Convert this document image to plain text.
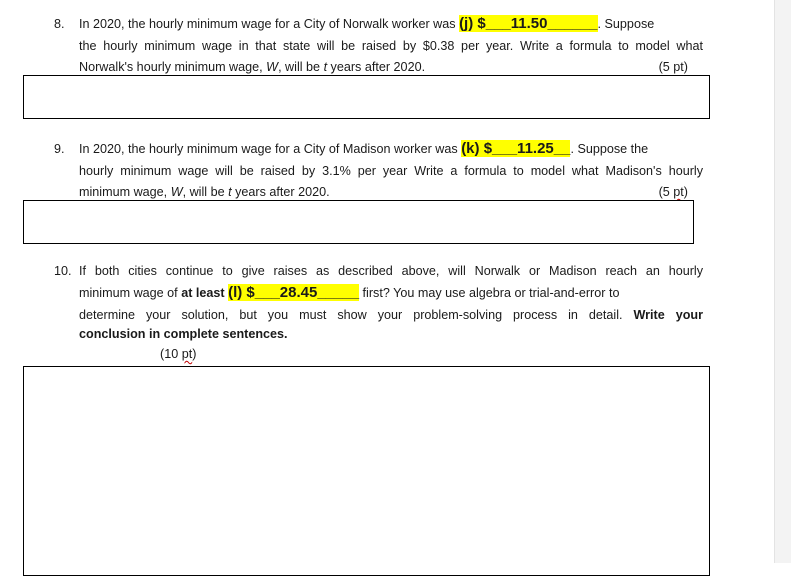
8.	In 2020, the hourly minimum wage for a City of Norwalk worker was (j) $___11.50______. Suppose
the hourly minimum wage in that state will be raised by $0.38 per year. Write a formula to model what
Norwalk's hourly minimum wage, W, will be t years after 2020.	(5 pt)
9.	In 2020, the hourly minimum wage for a City of Madison worker was (k) $___11.25__. Suppose the
hourly minimum wage will be raised by 3.1% per year Write a formula to model what Madison's hourly
minimum wage, W, will be t years after 2020.	(5 pt)
10. If both cities continue to give raises as described above, will Norwalk or Madison reach an hourly
minimum wage of at least (l) $___28.45_____ first? You may use algebra or trial-and-error to
determine your solution, but you must show your problem-solving process in detail. Write your
conclusion in complete sentences.
(10 pt)
